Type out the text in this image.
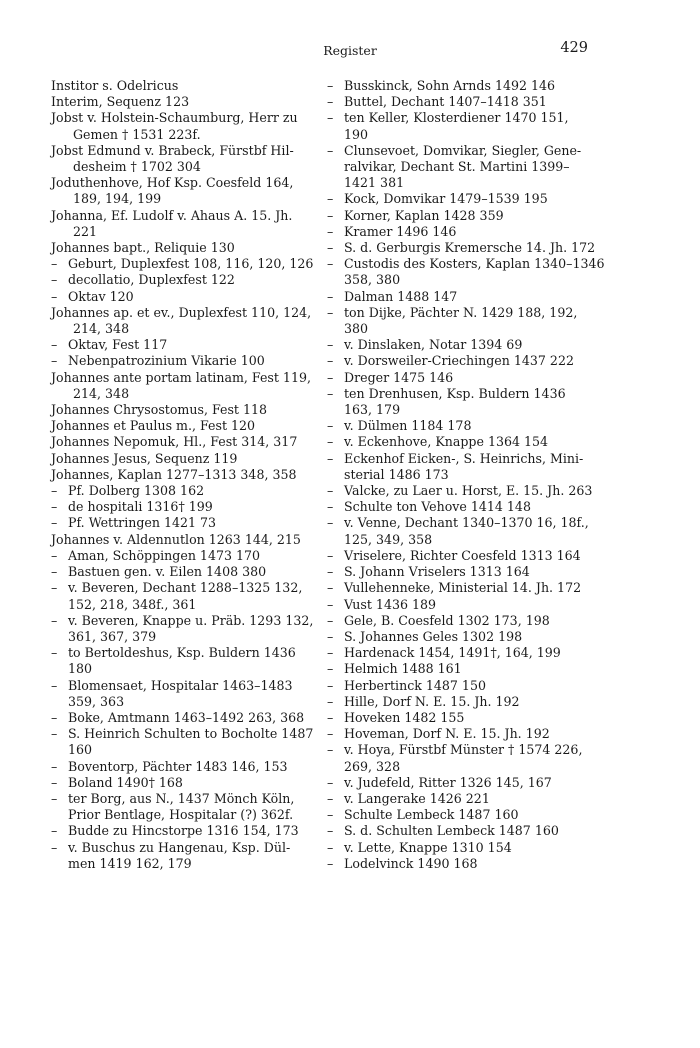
Register	429
Institor s. Odelricus
Interim, Sequenz 123
Jobst v. Holstein-Schaumburg, Herr zu
Gemen † 1531 223f.
Jobst Edmund v. Brabeck, Fürstbf Hil-
desheim † 1702 304
Joduthenhove, Hof Ksp. Coesfeld 164,
189, 194, 199
Johanna, Ef. Ludolf v. Ahaus A. 15. Jh.
221
Johannes bapt., Reliquie 130
– Geburt, Duplexfest 108, 116, 120, 126
– decollatio, Duplexfest 122
– Oktav 120
Johannes ap. et ev., Duplexfest 110, 124,
214, 348
– Oktav, Fest 117
– Nebenpatrozinium Vikarie 100
Johannes ante portam latinam, Fest 119,
214, 348
Johannes Chrysostomus, Fest 118
Johannes et Paulus m., Fest 120
Johannes Nepomuk, Hl., Fest 314, 317
Johannes Jesus, Sequenz 119
Johannes, Kaplan 1277–1313 348, 358
– Pf. Dolberg 1308 162
– de hospitali 1316† 199
– Pf. Wettringen 1421 73
Johannes v. Aldennutlon 1263 144, 215
– Aman, Schöppingen 1473 170
– Bastuen gen. v. Eilen 1408 380
– v. Beveren, Dechant 1288–1325 132,
152, 218, 348f., 361
– v. Beveren, Knappe u. Präb. 1293 132,
361, 367, 379
– to Bertoldeshus, Ksp. Buldern 1436
180
– Blomensaet, Hospitalar 1463–1483
359, 363
– Boke, Amtmann 1463–1492 263, 368
– S. Heinrich Schulten to Bocholte 1487
160
– Boventorp, Pächter 1483 146, 153
– Boland 1490† 168
– ter Borg, aus N., 1437 Mönch Köln,
Prior Bentlage, Hospitalar (?) 362f.
– Budde zu Hincstorpe 1316 154, 173
– v. Buschus zu Hangenau, Ksp. Dül-
men 1419 162, 179
– Busskinck, Sohn Arnds 1492 146
– Buttel, Dechant 1407–1418 351
– ten Keller, Klosterdiener 1470 151,
190
– Clunsevoet, Domvikar, Siegler, Gene-
ralvikar, Dechant St. Martini 1399–
1421 381
– Kock, Domvikar 1479–1539 195
– Korner, Kaplan 1428 359
– Kramer 1496 146
– S. d. Gerburgis Kremersche 14. Jh. 172
– Custodis des Kosters, Kaplan 1340–1346
358, 380
– Dalman 1488 147
– ton Dijke, Pächter N. 1429 188, 192,
380
– v. Dinslaken, Notar 1394 69
– v. Dorsweiler-Criechingen 1437 222
– Dreger 1475 146
– ten Drenhusen, Ksp. Buldern 1436
163, 179
– v. Dülmen 1184 178
– v. Eckenhove, Knappe 1364 154
– Eckenhof Eicken-, S. Heinrichs, Mini-
sterial 1486 173
– Valcke, zu Laer u. Horst, E. 15. Jh. 263
– Schulte ton Vehove 1414 148
– v. Venne, Dechant 1340–1370 16, 18f.,
125, 349, 358
– Vriselere, Richter Coesfeld 1313 164
– S. Johann Vriselers 1313 164
– Vullehenneke, Ministerial 14. Jh. 172
– Vust 1436 189
– Gele, B. Coesfeld 1302 173, 198
– S. Johannes Geles 1302 198
– Hardenack 1454, 1491†, 164, 199
– Helmich 1488 161
– Herbertinck 1487 150
– Hille, Dorf N. E. 15. Jh. 192
– Hoveken 1482 155
– Hoveman, Dorf N. E. 15. Jh. 192
– v. Hoya, Fürstbf Münster † 1574 226,
269, 328
– v. Judefeld, Ritter 1326 145, 167
– v. Langerake 1426 221
– Schulte Lembeck 1487 160
– S. d. Schulten Lembeck 1487 160
– v. Lette, Knappe 1310 154
– Lodelvinck 1490 168
